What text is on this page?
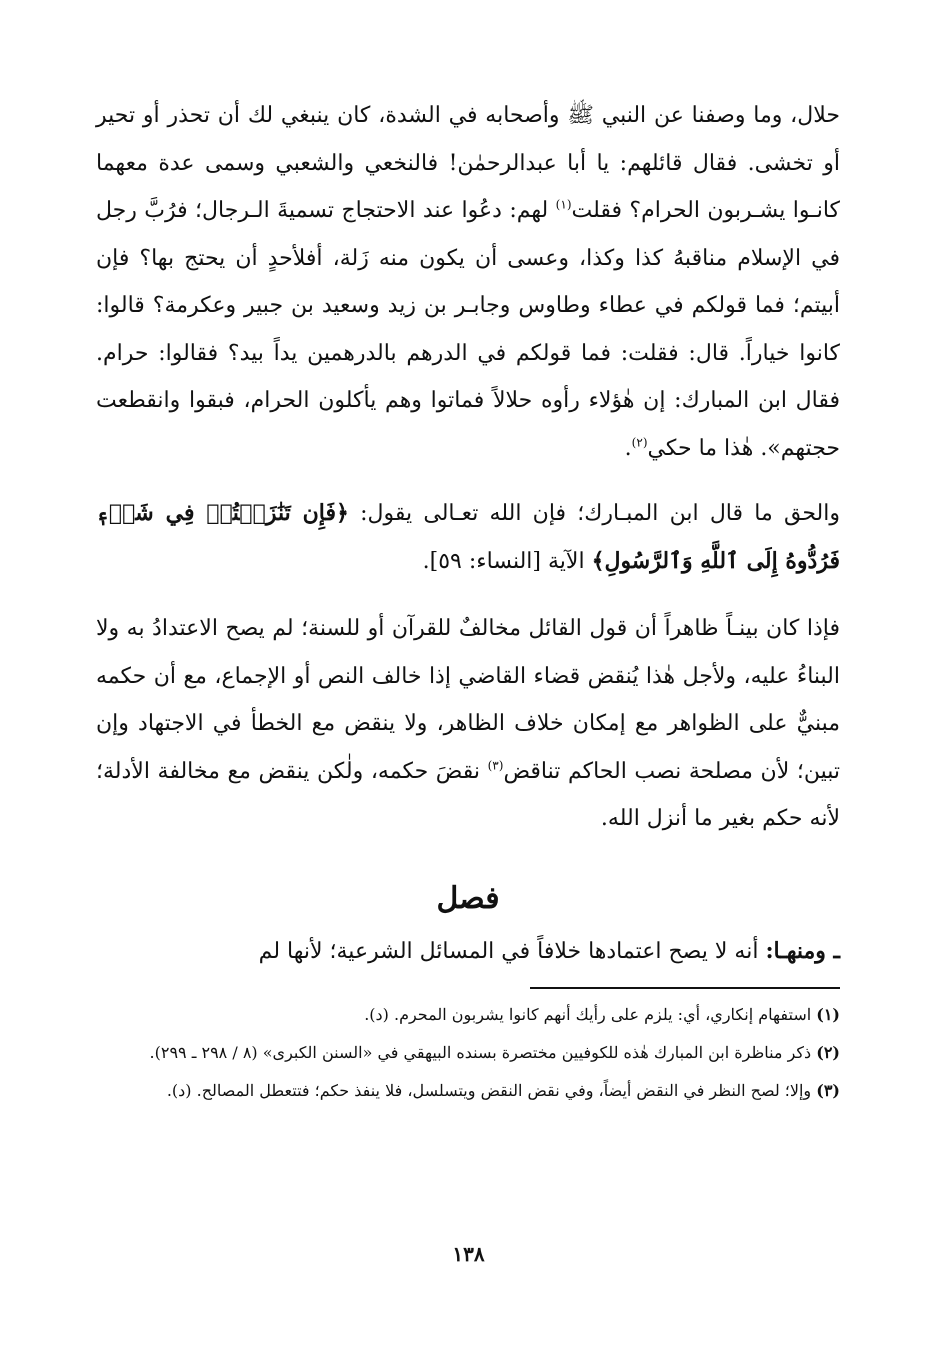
حلال، وما وصفنا عن النبي ﷺ وأصحابه في الشدة، كان ينبغي لك أن تحذر أو تحير أو تخشى. فقال قائلهم: يا أبا عبدالرحمٰن! فالنخعي والشعبي وسمى عدة معهما كانـوا يشـربون الحرام؟ فقلت$^{(١)}$ لهم: دعُوا عند الاحتجاج تسميةَ الـرجال؛ فرُبَّ رجل في الإسلام مناقبهُ كذا وكذا، وعسى أن يكون منه زَلة، أفلأحدٍ أن يحتج بها؟ فإن أبيتم؛ فما قولكم في عطاء وطاوس وجابـر بن زيد وسعيد بن جبير وعكرمة؟ قالوا: كانوا خياراً. قال: فقلت: فما قولكم في الدرهم بالدرهمين يداً بيد؟ فقالوا: حرام. فقال ابن المبارك: إن هٰؤلاء رأوه حلالاً فماتوا وهم يأكلون الحرام، فبقوا وانقطعت حجتهم». هٰذا ما حكي$^{(٢)}$.
والحق ما قال ابن المبـارك؛ فإن الله تعـالى يقول: ﴿فَإِن تَنَٰزَعۡتُمۡ فِي شَيۡءٖ فَرُدُّوهُ إِلَى ٱللَّهِ وَٱلرَّسُولِ﴾ الآية [النساء: ٥٩].
فإذا كان بينـاً ظاهراً أن قول القائل مخالفٌ للقرآن أو للسنة؛ لم يصح الاعتدادُ به ولا البناءُ عليه، ولأجل هٰذا يُنقض قضاء القاضي إذا خالف النص أو الإجماع، مع أن حكمه مبنيٌّ على الظواهر مع إمكان خلاف الظاهر، ولا ينقض مع الخطأ في الاجتهاد وإن تبين؛ لأن مصلحة نصب الحاكم تناقض$^{(٣)}$ نقضَ حكمه، ولٰكن ينقض مع مخالفة الأدلة؛ لأنه حكم بغير ما أنزل الله.
فصل
ـ ومنهـا: أنه لا يصح اعتمادها خلافاً في المسائل الشرعية؛ لأنها لم

(١) استفهام إنكاري، أي: يلزم على رأيك أنهم كانوا يشربون المحرم. (د).

(٢) ذكر مناظرة ابن المبارك هٰذه للكوفيين مختصرة بسنده البيهقي في «السنن الكبرى» (٨ / ٢٩٨ ـ ٢٩٩).

(٣) وإلا؛ لصح النظر في النقض أيضاً، وفي نقض النقض ويتسلسل، فلا ينفذ حكم؛ فتتعطل المصالح. (د).

١٣٨
